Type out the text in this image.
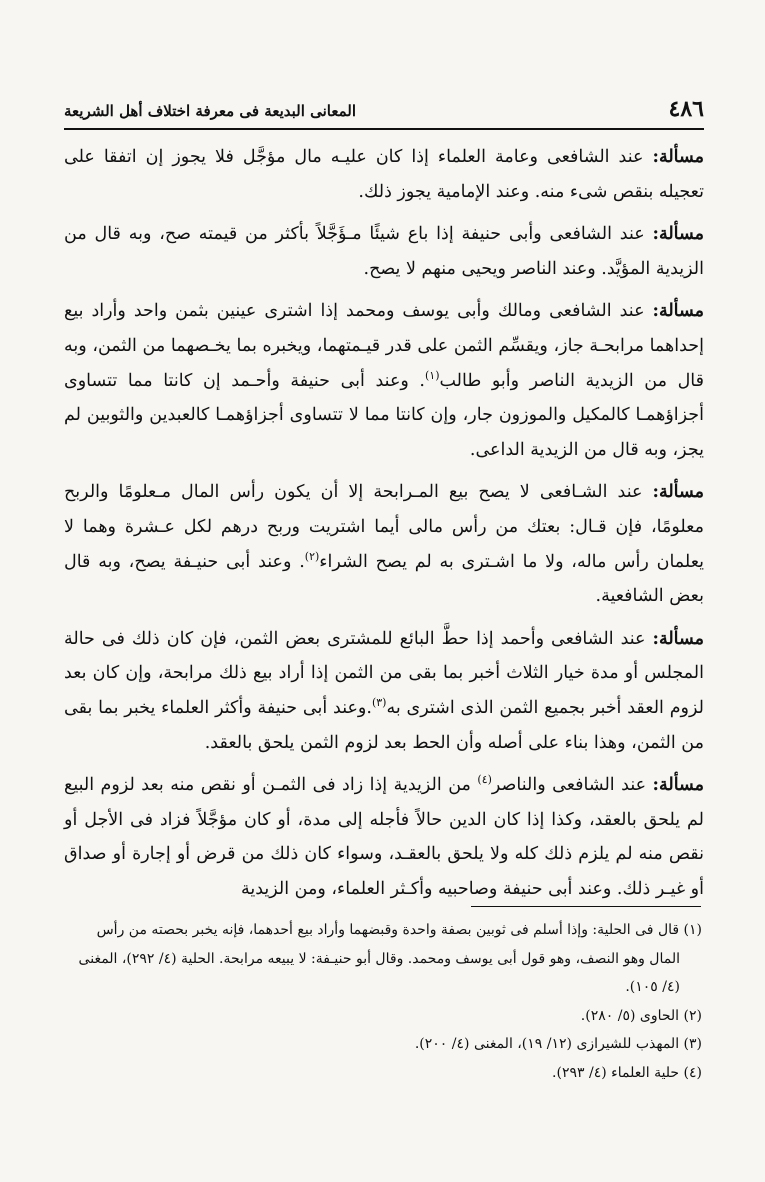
٤٨٦
المعانى البديعة فى معرفة اختلاف أهل الشريعة

مسألة: عند الشافعى وعامة العلماء إذا كان عليـه مال مؤجَّل فلا يجوز إن اتفقا على تعجيله بنقص شىء منه. وعند الإمامية يجوز ذلك.

مسألة: عند الشافعى وأبى حنيفة إذا باع شيئًا مـؤَجَّلاً بأكثر من قيمته صح، وبه قال من الزيدية المؤيَّد. وعند الناصر ويحيى منهم لا يصح.

مسألة: عند الشافعى ومالك وأبى يوسف ومحمد إذا اشترى عينين بثمن واحد وأراد بيع إحداهما مرابحـة جاز، ويقسِّم الثمن على قدر قيـمتهما، ويخبره بما يخـصهما من الثمن، وبه قال من الزيدية الناصر وأبو طالب$^{(١)}$. وعند أبى حنيفة وأحـمد إن كانتا مما تتساوى أجزاؤهمـا كالمكيل والموزون جار، وإن كانتا مما لا تتساوى أجزاؤهمـا كالعبدين والثوبين لم يجز، وبه قال من الزيدية الداعى.

مسألة: عند الشـافعى لا يصح بيع المـرابحة إلا أن يكون رأس المال مـعلومًا والربح معلومًا، فإن قـال: بعتك من رأس مالى أيما اشتريت وربح درهم لكل عـشرة وهما لا يعلمان رأس ماله، ولا ما اشـترى به لم يصح الشراء$^{(٢)}$. وعند أبى حنيـفة يصح، وبه قال بعض الشافعية.

مسألة: عند الشافعى وأحمد إذا حطَّ البائع للمشترى بعض الثمن، فإن كان ذلك فى حالة المجلس أو مدة خيار الثلاث أخبر بما بقى من الثمن إذا أراد بيع ذلك مرابحة، وإن كان بعد لزوم العقد أخبر بجميع الثمن الذى اشترى به$^{(٣)}$.وعند أبى حنيفة وأكثر العلماء يخبر بما بقى من الثمن، وهذا بناء على أصله وأن الحط بعد لزوم الثمن يلحق بالعقد.

مسألة: عند الشافعى والناصر$^{(٤)}$ من الزيدية إذا زاد فى الثمـن أو نقص منه بعد لزوم البيع لم يلحق بالعقد، وكذا إذا كان الدين حالاً فأجله إلى مدة، أو كان مؤجَّلاً فزاد فى الأجل أو نقص منه لم يلزم ذلك كله ولا يلحق بالعقـد، وسواء كان ذلك من قرض أو إجارة أو صداق أو غيـر ذلك. وعند أبى حنيفة وصاحبيه وأكـثر العلماء، ومن الزيدية

(١) قال فى الحلية: وإذا أسلم فى ثوبين بصفة واحدة وقبضهما وأراد بيع أحدهما، فإنه يخبر بحصته من رأس المال وهو النصف، وهو قول أبى يوسف ومحمد. وقال أبو حنيـفة: لا يبيعه مرابحة. الحلية (٤/ ٢٩٢)، المغنى (٤/ ١٠٥).

(٢) الحاوى (٥/ ٢٨٠).

(٣) المهذب للشيرازى (١٢/ ١٩)، المغنى (٤/ ٢٠٠).

(٤) حلية العلماء (٤/ ٢٩٣).
